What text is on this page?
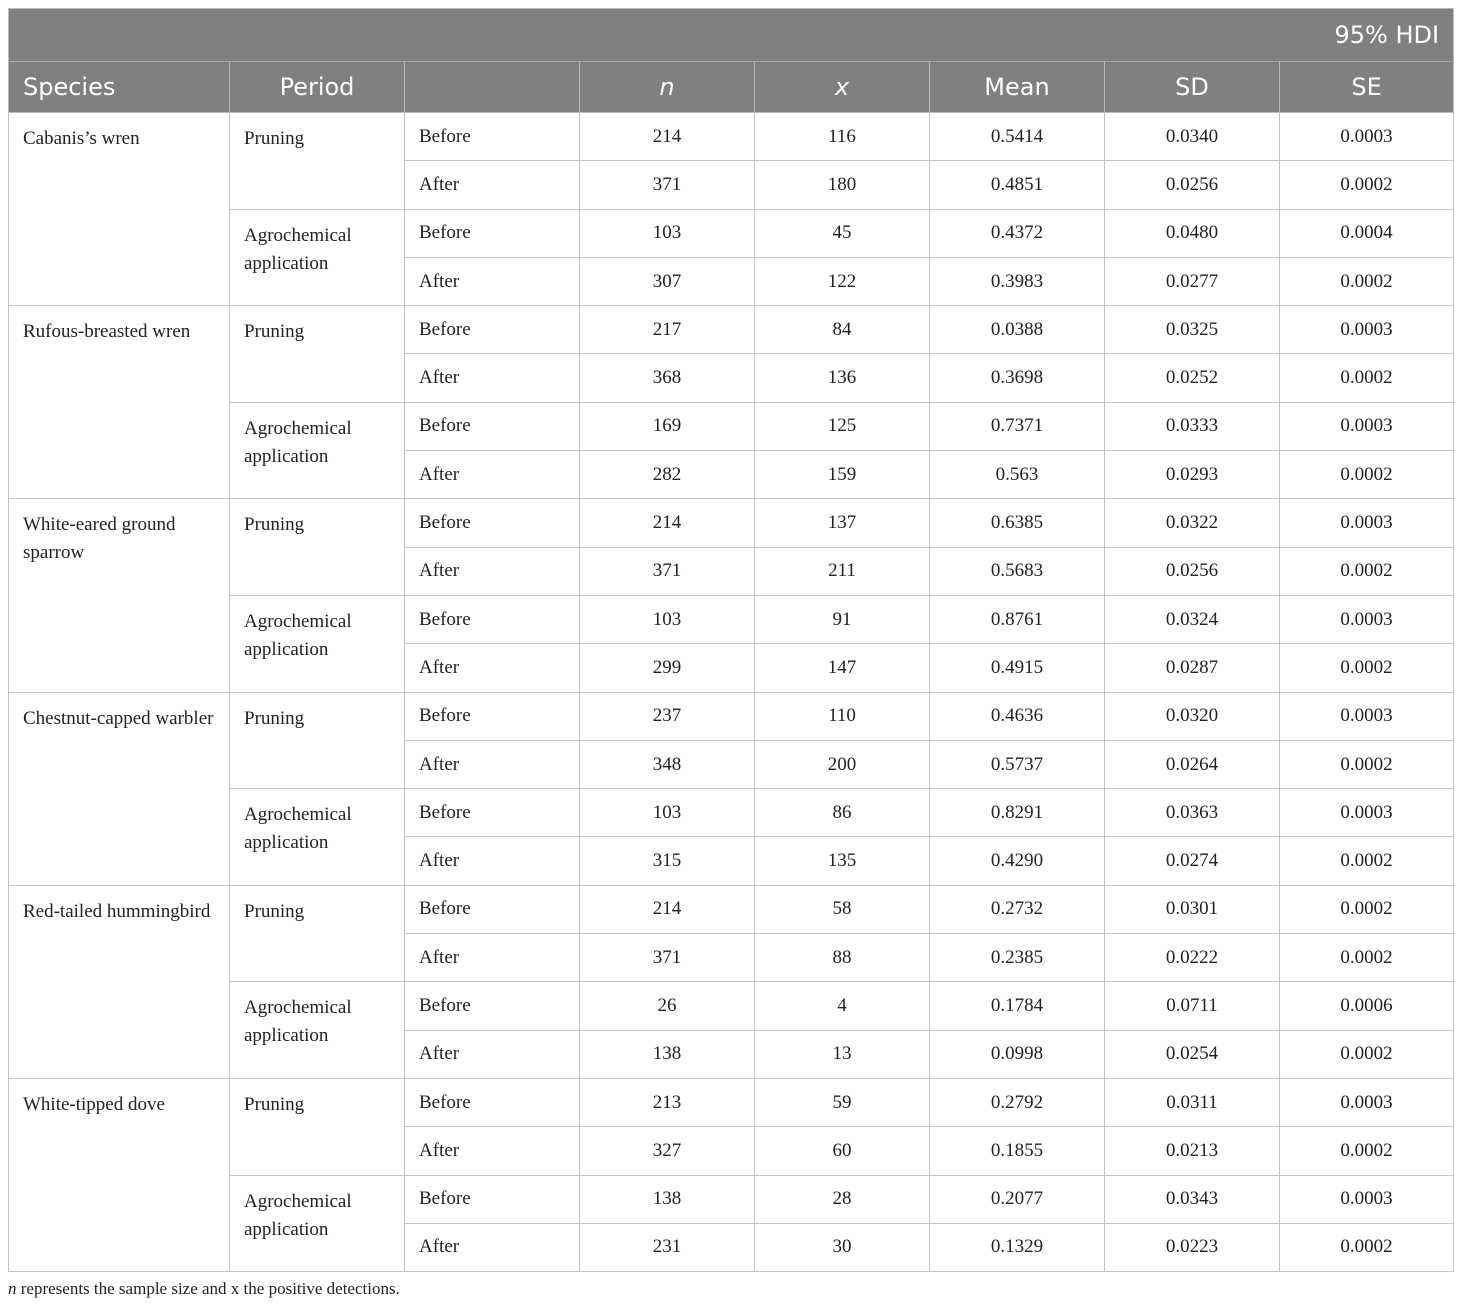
95% HDI							
Species	Period		n	x	Mean	SD	SE
Cabanis’s wren	Pruning	Before	214	116	0.5414	0.0340	0.0003
		After	371	180	0.4851	0.0256	0.0002
	Agrochemical application	Before	103	45	0.4372	0.0480	0.0004
		After	307	122	0.3983	0.0277	0.0002
Rufous-breasted wren	Pruning	Before	217	84	0.0388	0.0325	0.0003
		After	368	136	0.3698	0.0252	0.0002
	Agrochemical application	Before	169	125	0.7371	0.0333	0.0003
		After	282	159	0.563	0.0293	0.0002
White-eared ground sparrow	Pruning	Before	214	137	0.6385	0.0322	0.0003
		After	371	211	0.5683	0.0256	0.0002
	Agrochemical application	Before	103	91	0.8761	0.0324	0.0003
		After	299	147	0.4915	0.0287	0.0002
Chestnut-capped warbler	Pruning	Before	237	110	0.4636	0.0320	0.0003
		After	348	200	0.5737	0.0264	0.0002
	Agrochemical application	Before	103	86	0.8291	0.0363	0.0003
		After	315	135	0.4290	0.0274	0.0002
Red-tailed hummingbird	Pruning	Before	214	58	0.2732	0.0301	0.0002
		After	371	88	0.2385	0.0222	0.0002
	Agrochemical application	Before	26	4	0.1784	0.0711	0.0006
		After	138	13	0.0998	0.0254	0.0002
White-tipped dove	Pruning	Before	213	59	0.2792	0.0311	0.0003
		After	327	60	0.1855	0.0213	0.0002
	Agrochemical application	Before	138	28	0.2077	0.0343	0.0003
		After	231	30	0.1329	0.0223	0.0002
n represents the sample size and x the positive detections.
